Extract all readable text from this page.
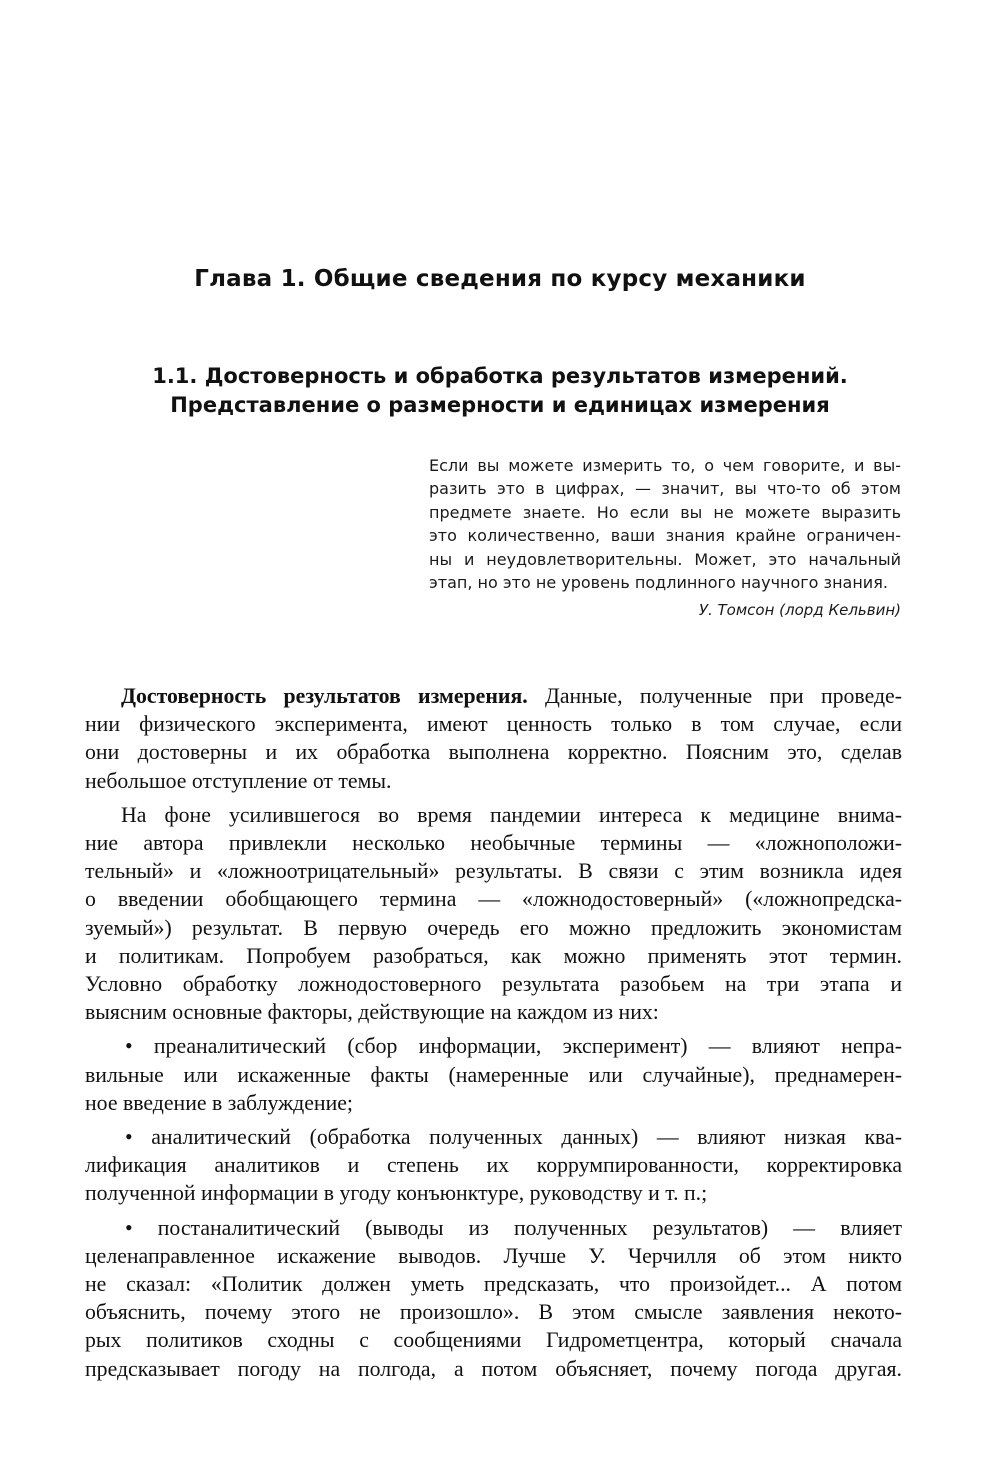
Глава 1. Общие сведения по курсу механики
1.1. Достоверность и обработка результатов измерений.
Представление о размерности и единицах измерения
Если вы можете измерить то, о чем говорите, и вы-
разить это в цифрах, — значит, вы что-то об этом
предмете знаете. Но если вы не можете выразить
это количественно, ваши знания крайне ограничен-
ны и неудовлетворительны. Может, это начальный
этап, но это не уровень подлинного научного знания.
У. Томсон (лорд Кельвин)
Достоверность результатов измерения. Данные, полученные при проведе-
нии физического эксперимента, имеют ценность только в том случае, если
они достоверны и их обработка выполнена корректно. Поясним это, сделав
небольшое отступление от темы.
На фоне усилившегося во время пандемии интереса к медицине внима-
ние автора привлекли несколько необычные термины — «ложноположи-
тельный» и «ложноотрицательный» результаты. В связи с этим возникла идея
о введении обобщающего термина — «ложнодостоверный» («ложнопредска-
зуемый») результат. В первую очередь его можно предложить экономистам
и политикам. Попробуем разобраться, как можно применять этот термин.
Условно обработку ложнодостоверного результата разобьем на три этапа и
выясним основные факторы, действующие на каждом из них:
• преаналитический (сбор информации, эксперимент) — влияют непра-
вильные или искаженные факты (намеренные или случайные), преднамерен-
ное введение в заблуждение;
• аналитический (обработка полученных данных) — влияют низкая ква-
лификация аналитиков и степень их коррумпированности, корректировка
полученной информации в угоду конъюнктуре, руководству и т. п.;
• постаналитический (выводы из полученных результатов) — влияет
целенаправленное искажение выводов. Лучше У. Черчилля об этом никто
не сказал: «Политик должен уметь предсказать, что произойдет... А потом
объяснить, почему этого не произошло». В этом смысле заявления некото-
рых политиков сходны с сообщениями Гидрометцентра, который сначала
предсказывает погоду на полгода, а потом объясняет, почему погода другая.
